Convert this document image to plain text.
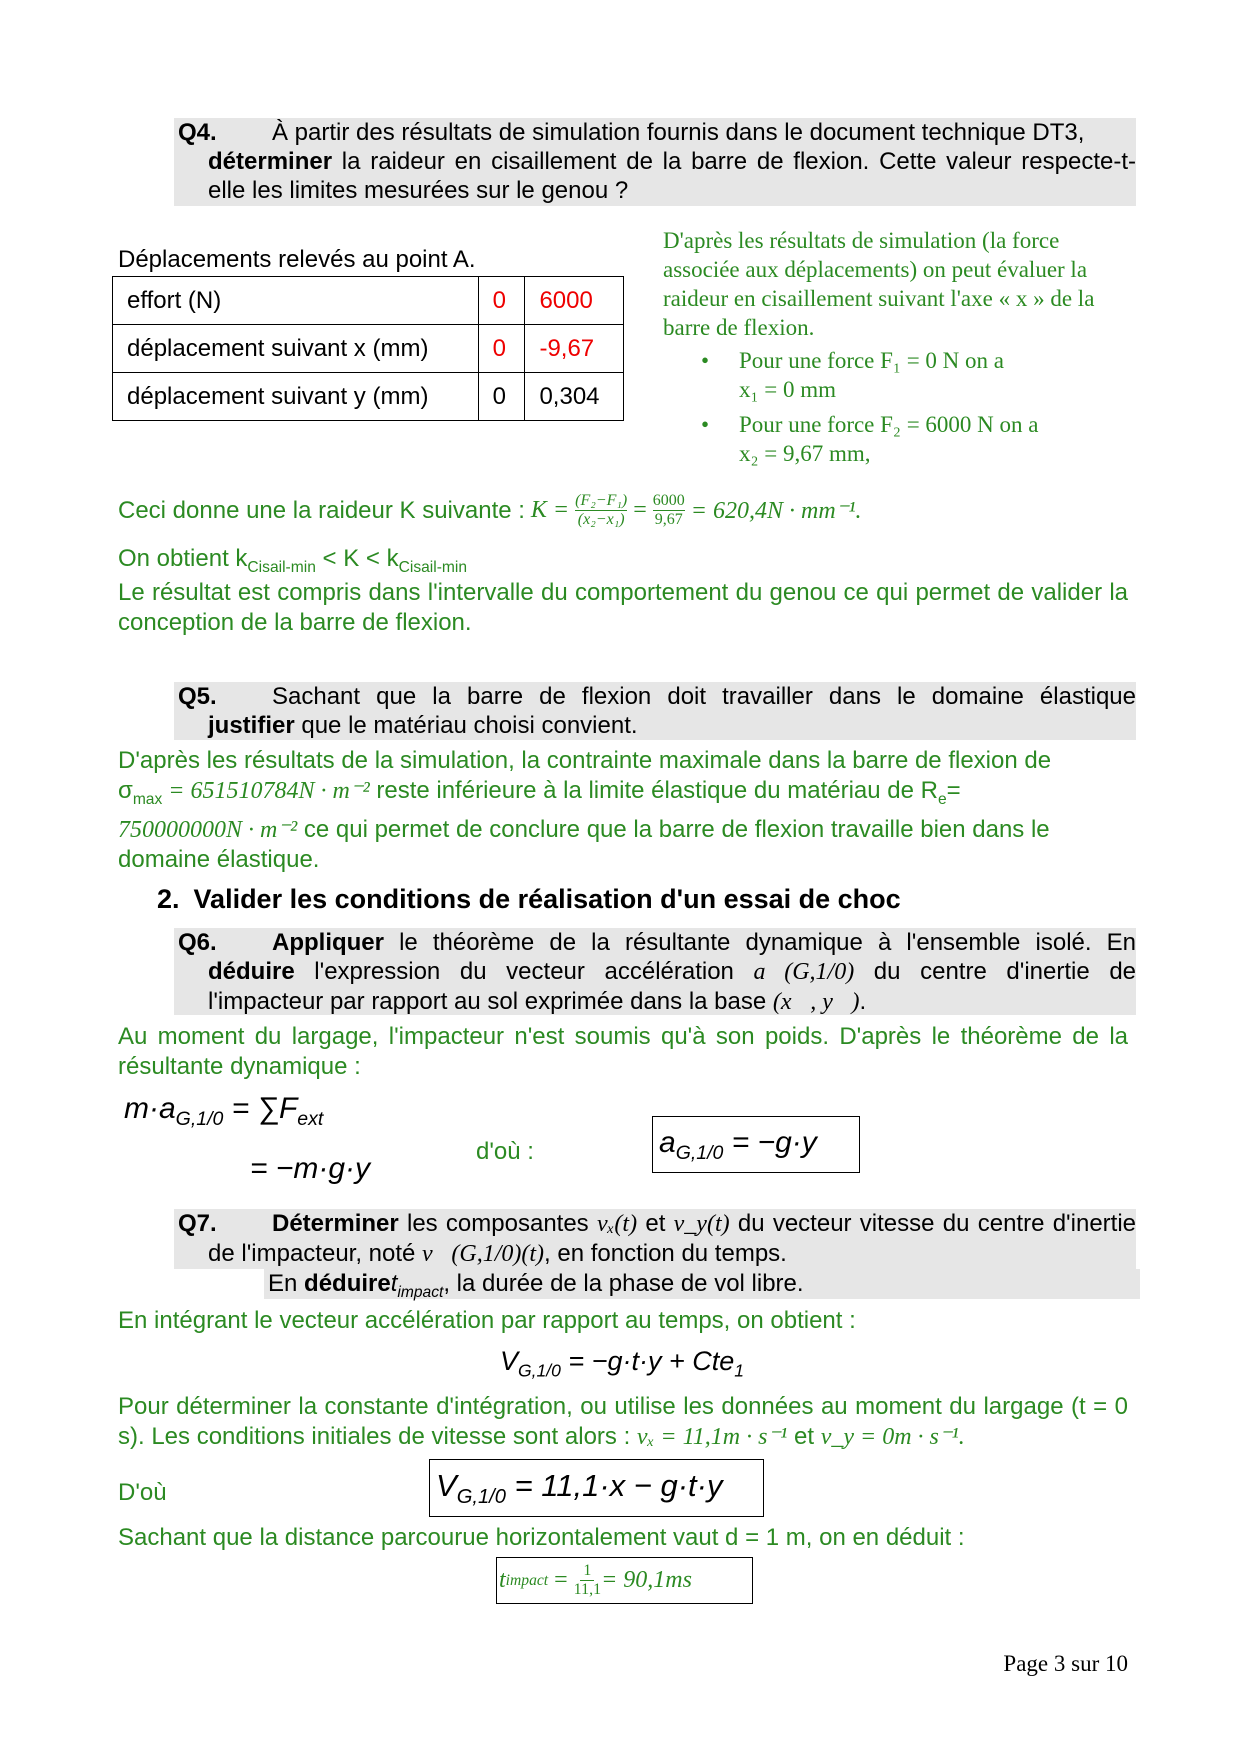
Q4.	À partir des résultats de simulation fournis dans le document technique DT3,
déterminer la raideur en cisaillement de la barre de flexion. Cette valeur respecte-t-elle les limites mesurées sur le genou ?
Déplacements relevés au point A.
effort (N)	0	6000
déplacement suivant x (mm)	0	-9,67
déplacement suivant y (mm)	0	0,304
D'après les résultats de simulation (la force associée aux déplacements) on peut évaluer la raideur en cisaillement suivant l'axe « x » de la barre de flexion.
•	Pour une force F₁ = 0 N on a
x₁ = 0 mm
•	Pour une force F₂ = 6000 N on a
x₂ = 9,67 mm,
Ceci donne une la raideur K suivante : $K = \frac{\text{(F₂−F₁)}}{\text{(x₂−x₁)}} = \frac{6000}{9,67} = 620,4N \cdot mm^{-1}$.
On obtient $k_{Cisail-min} < K < k_{Cisail-min}$
Le résultat est compris dans l'intervalle du comportement du genou ce qui permet de valider la conception de la barre de flexion.
Q5.	Sachant que la barre de flexion doit travailler dans le domaine élastique
justifier que le matériau choisi convient.
D'après les résultats de la simulation, la contrainte maximale dans la barre de flexion de
$\sigma_{max} = 651510784N \cdot m^{-2}$ reste inférieure à la limite élastique du matériau de $R_e=$
750000000N · m⁻² ce qui permet de conclure que la barre de flexion travaille bien dans le domaine élastique.
2. Valider les conditions de réalisation d'un essai de choc
Q6. Appliquer le théorème de la résultante dynamique à l'ensemble isolé. En déduire l'expression du vecteur accélération a⃗(G,1/0) du centre d'inertie de l'impacteur par rapport au sol exprimée dans la base (x⃗, y⃗).
Au moment du largage, l'impacteur n'est soumis qu'à son poids. D'après le théorème de la résultante dynamique :
$m\cdot a_{G,1/0} = \sum F_{ext}$
= −m·g·y
d'où :	$a_{G,1/0} = -g\cdot y$
Q7. Déterminer les composantes vₓ(t) et v_y(t) du vecteur vitesse du centre d'inertie de l'impacteur, noté v⃗(G,1/0)(t), en fonction du temps.
En déduiret$_{impact}$, la durée de la phase de vol libre.
En intégrant le vecteur accélération par rapport au temps, on obtient :
$V_{G,1/0} = -g\cdot t\cdot y + Cte_1$
Pour déterminer la constante d'intégration, ou utilise les données au moment du largage (t = 0 s). Les conditions initiales de vitesse sont alors : vₓ = 11,1m · s⁻¹ et v_y = 0m · s⁻¹.
D'où	$V_{G,1/0} = 11,1\cdot x - g\cdot t\cdot y$
Sachant que la distance parcourue horizontalement vaut d = 1 m, on en déduit :
t impact = $\frac{1}{11,1} = 90,1ms$
Page 3 sur 10
